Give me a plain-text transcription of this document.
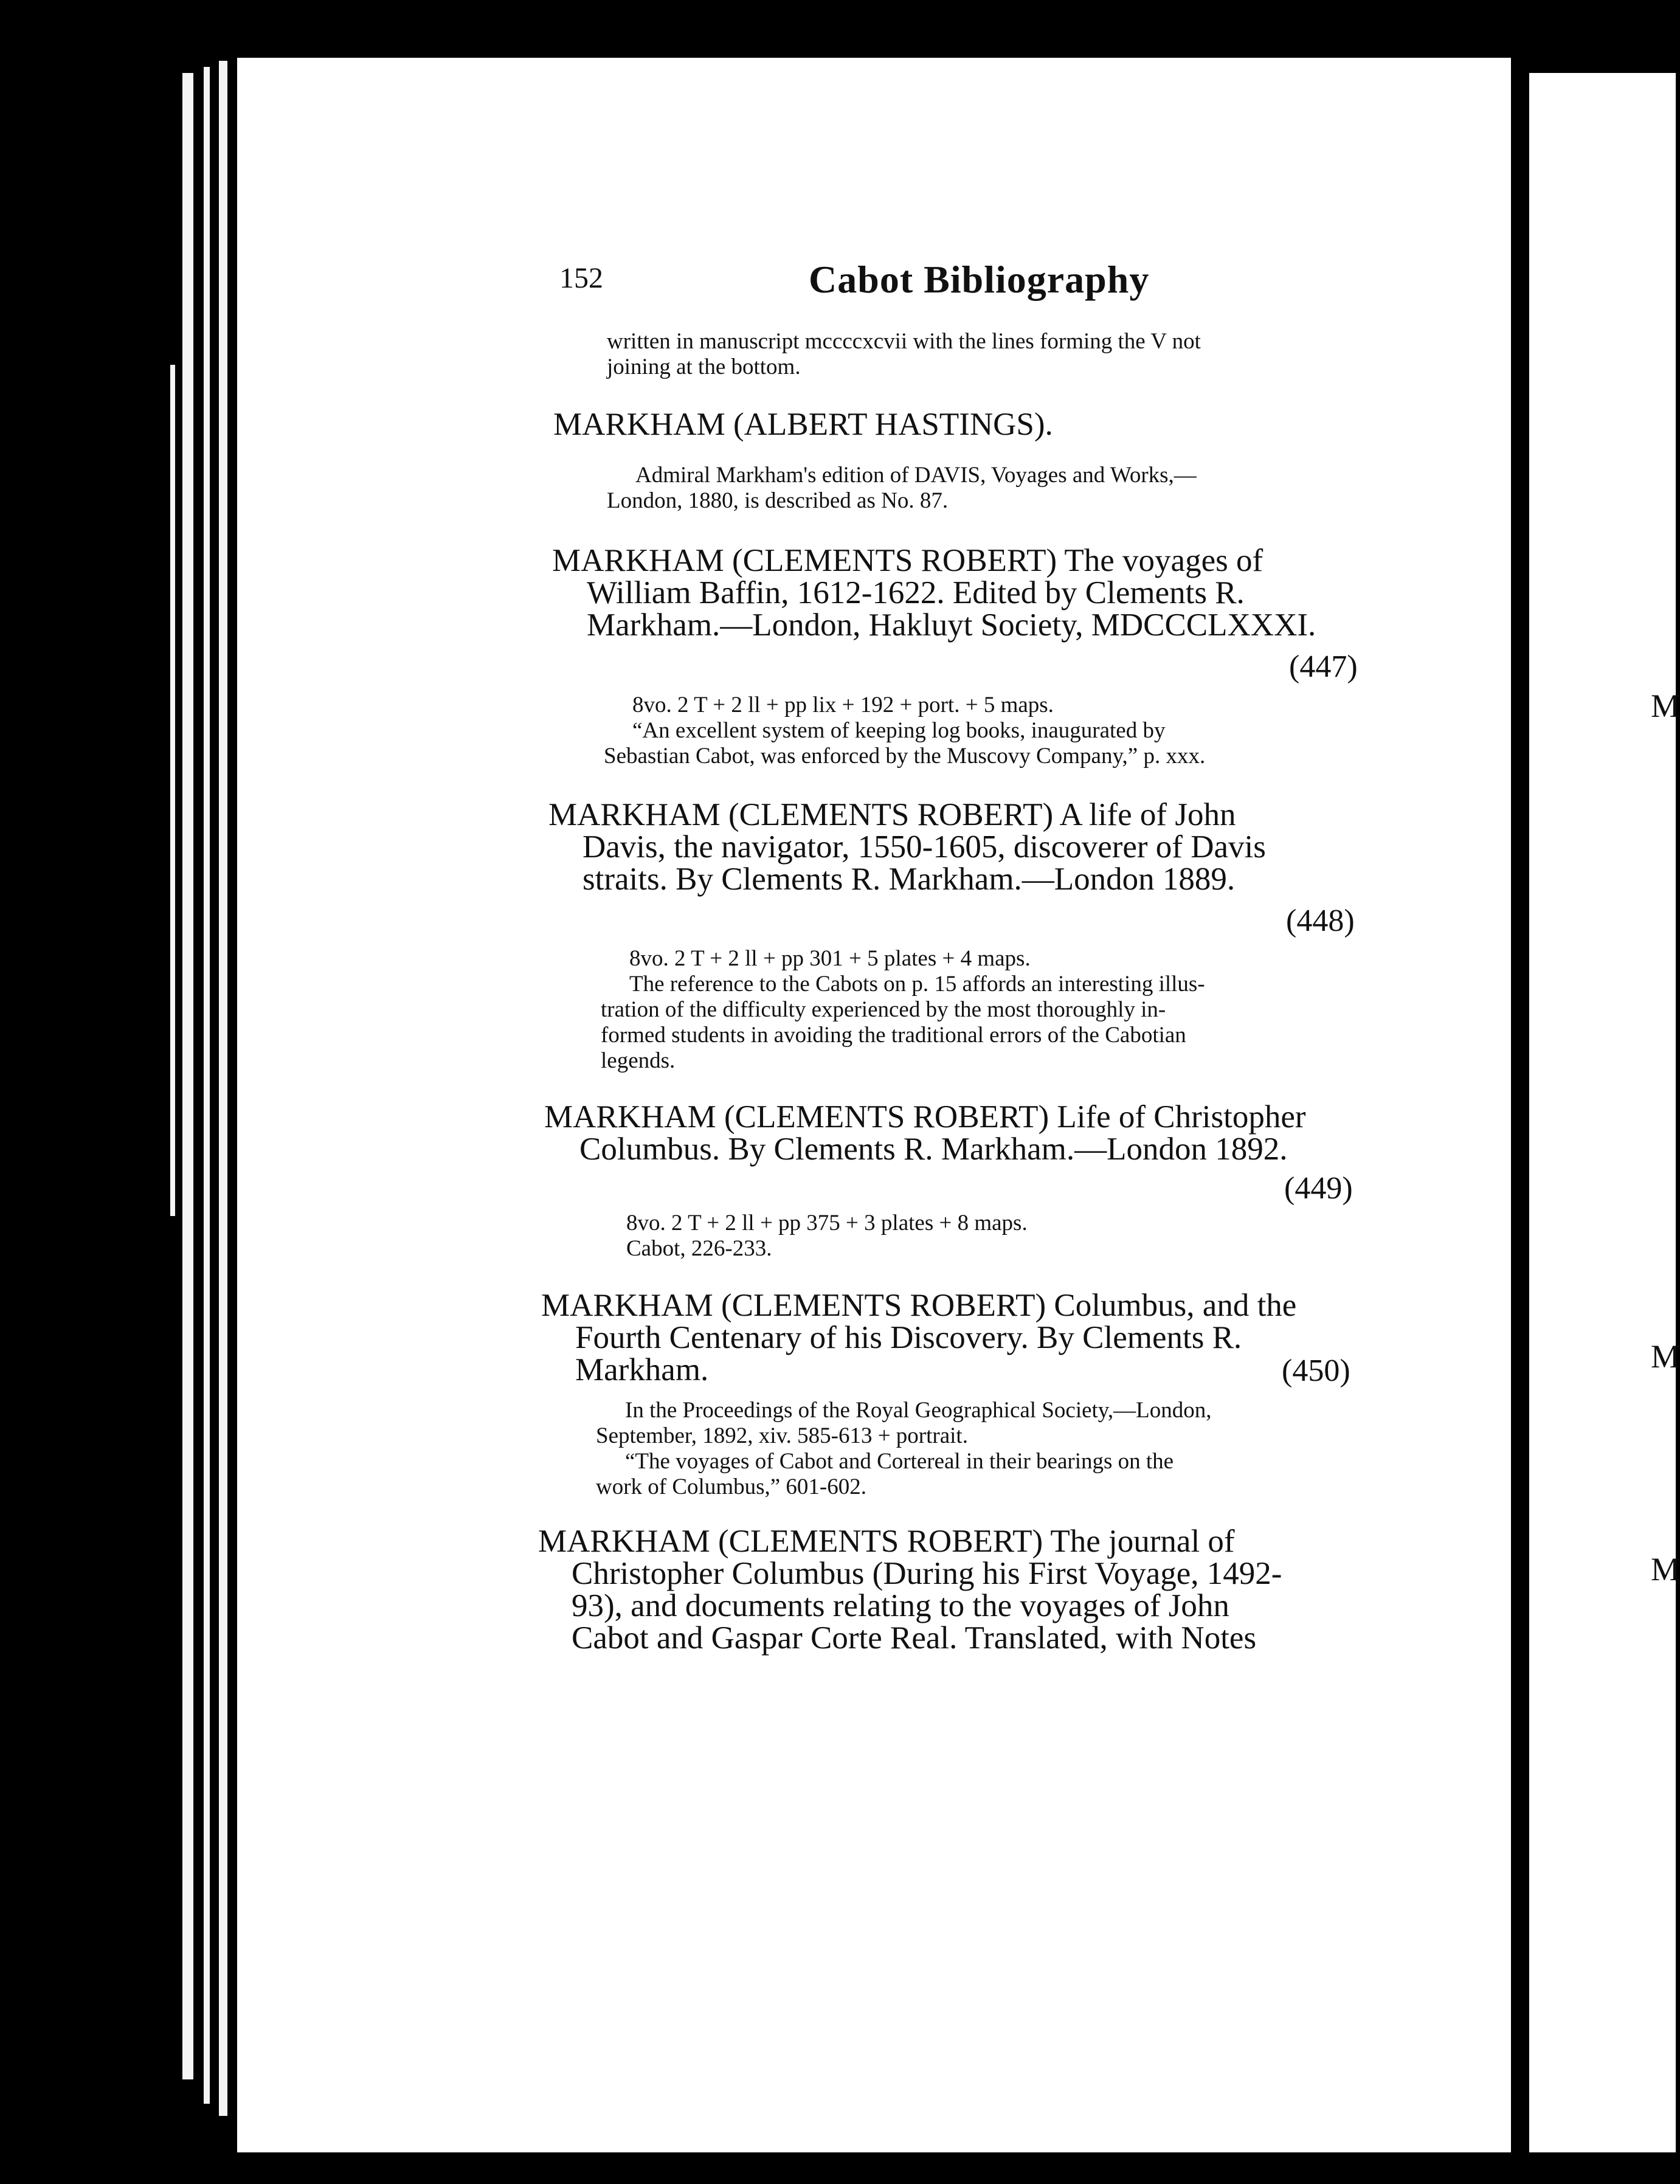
152	Cabot Bibliography
written in manuscript mccccxcvii with the lines forming the V not
joining at the bottom.
MARKHAM (ALBERT HASTINGS).
Admiral Markham's edition of DAVIS, Voyages and Works,—
London, 1880, is described as No. 87.
MARKHAM (CLEMENTS ROBERT) The voyages of
William Baffin, 1612-1622. Edited by Clements R.
Markham.—London, Hakluyt Society, MDCCCLXXXI.
(447)
8vo. 2 T + 2 ll + pp lix + 192 + port. + 5 maps.
“An excellent system of keeping log books, inaugurated by
Sebastian Cabot, was enforced by the Muscovy Company,” p. xxx.
MARKHAM (CLEMENTS ROBERT) A life of John
Davis, the navigator, 1550-1605, discoverer of Davis
straits. By Clements R. Markham.—London 1889.
(448)
8vo. 2 T + 2 ll + pp 301 + 5 plates + 4 maps.
The reference to the Cabots on p. 15 affords an interesting illus-
tration of the difficulty experienced by the most thoroughly in-
formed students in avoiding the traditional errors of the Cabotian
legends.
MARKHAM (CLEMENTS ROBERT) Life of Christopher
Columbus. By Clements R. Markham.—London 1892.
(449)
8vo. 2 T + 2 ll + pp 375 + 3 plates + 8 maps.
Cabot, 226-233.
MARKHAM (CLEMENTS ROBERT) Columbus, and the
Fourth Centenary of his Discovery. By Clements R.
Markham.	(450)
In the Proceedings of the Royal Geographical Society,—London,
September, 1892, xiv. 585-613 + portrait.
“The voyages of Cabot and Cortereal in their bearings on the
work of Columbus,” 601-602.
MARKHAM (CLEMENTS ROBERT) The journal of
Christopher Columbus (During his First Voyage, 1492-
93), and documents relating to the voyages of John
Cabot and Gaspar Corte Real. Translated, with Notes
M
M
M
